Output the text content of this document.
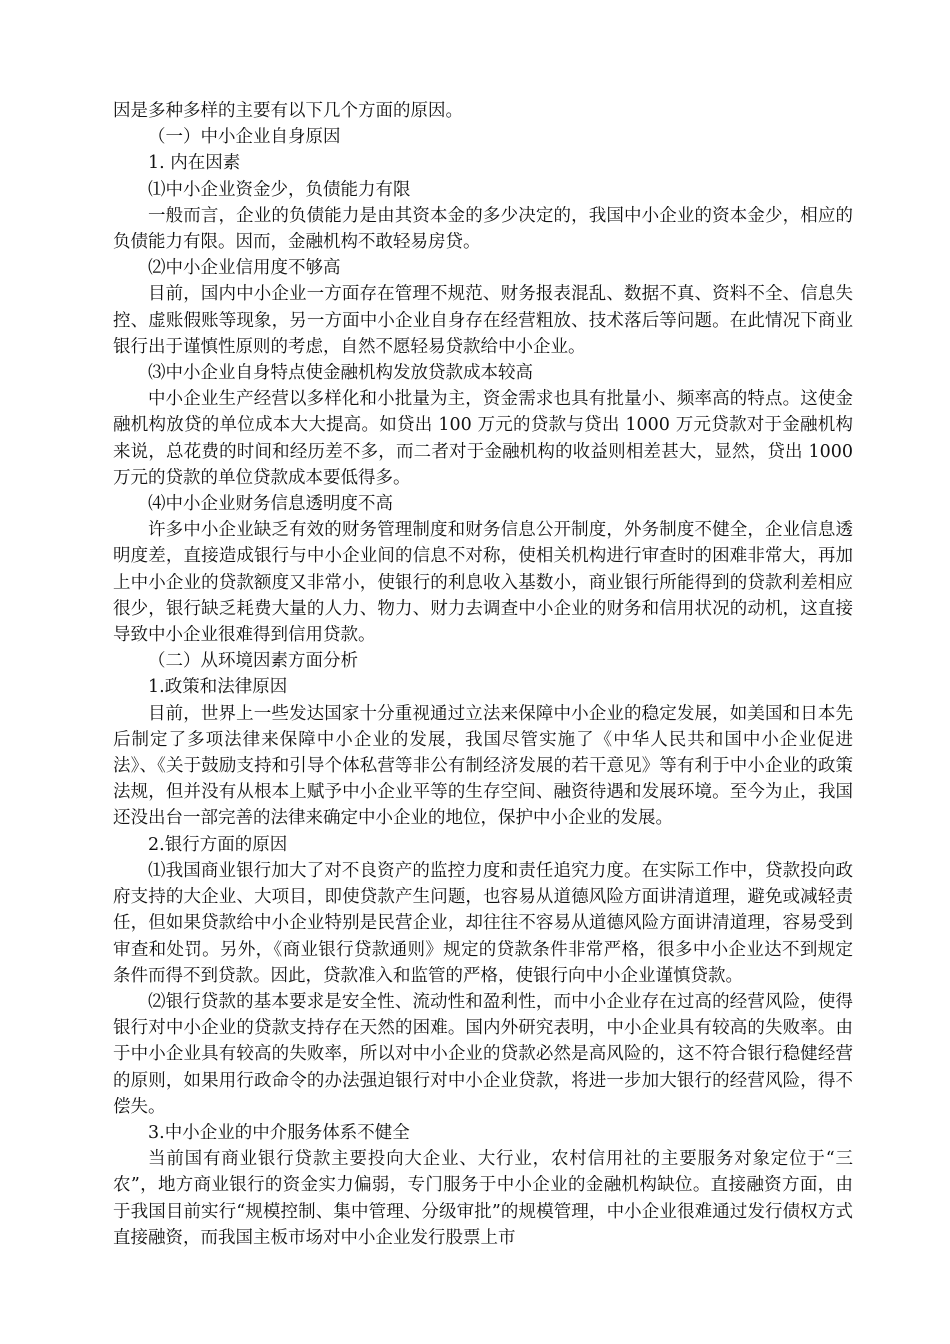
因是多种多样的主要有以下几个方面的原因。

（一）中小企业自身原因

1. 内在因素

⑴中小企业资金少，负债能力有限

一般而言，企业的负债能力是由其资本金的多少决定的，我国中小企业的资本金少，相应的负债能力有限。因而，金融机构不敢轻易房贷。

⑵中小企业信用度不够高

目前，国内中小企业一方面存在管理不规范、财务报表混乱、数据不真、资料不全、信息失控、虚账假账等现象，另一方面中小企业自身存在经营粗放、技术落后等问题。在此情况下商业银行出于谨慎性原则的考虑，自然不愿轻易贷款给中小企业。

⑶中小企业自身特点使金融机构发放贷款成本较高

中小企业生产经营以多样化和小批量为主，资金需求也具有批量小、频率高的特点。这使金融机构放贷的单位成本大大提高。如贷出 100 万元的贷款与贷出 1000 万元贷款对于金融机构来说，总花费的时间和经历差不多，而二者对于金融机构的收益则相差甚大，显然，贷出 1000 万元的贷款的单位贷款成本要低得多。

⑷中小企业财务信息透明度不高

许多中小企业缺乏有效的财务管理制度和财务信息公开制度，外务制度不健全，企业信息透明度差，直接造成银行与中小企业间的信息不对称，使相关机构进行审查时的困难非常大，再加上中小企业的贷款额度又非常小，使银行的利息收入基数小，商业银行所能得到的贷款利差相应很少，银行缺乏耗费大量的人力、物力、财力去调查中小企业的财务和信用状况的动机，这直接导致中小企业很难得到信用贷款。

（二）从环境因素方面分析

1.政策和法律原因

目前，世界上一些发达国家十分重视通过立法来保障中小企业的稳定发展，如美国和日本先后制定了多项法律来保障中小企业的发展，我国尽管实施了《中华人民共和国中小企业促进法》、《关于鼓励支持和引导个体私营等非公有制经济发展的若干意见》等有利于中小企业的政策法规，但并没有从根本上赋予中小企业平等的生存空间、融资待遇和发展环境。至今为止，我国还没出台一部完善的法律来确定中小企业的地位，保护中小企业的发展。

2.银行方面的原因

⑴我国商业银行加大了对不良资产的监控力度和责任追究力度。在实际工作中，贷款投向政府支持的大企业、大项目，即使贷款产生问题，也容易从道德风险方面讲清道理，避免或减轻责任，但如果贷款给中小企业特别是民营企业，却往往不容易从道德风险方面讲清道理，容易受到审查和处罚。另外，《商业银行贷款通则》规定的贷款条件非常严格，很多中小企业达不到规定条件而得不到贷款。因此，贷款准入和监管的严格，使银行向中小企业谨慎贷款。

⑵银行贷款的基本要求是安全性、流动性和盈利性，而中小企业存在过高的经营风险，使得银行对中小企业的贷款支持存在天然的困难。国内外研究表明，中小企业具有较高的失败率。由于中小企业具有较高的失败率，所以对中小企业的贷款必然是高风险的，这不符合银行稳健经营的原则，如果用行政命令的办法强迫银行对中小企业贷款，将进一步加大银行的经营风险，得不偿失。

3.中小企业的中介服务体系不健全

当前国有商业银行贷款主要投向大企业、大行业，农村信用社的主要服务对象定位于“三农”，地方商业银行的资金实力偏弱，专门服务于中小企业的金融机构缺位。直接融资方面，由于我国目前实行“规模控制、集中管理、分级审批”的规模管理，中小企业很难通过发行债权方式直接融资，而我国主板市场对中小企业发行股票上市
